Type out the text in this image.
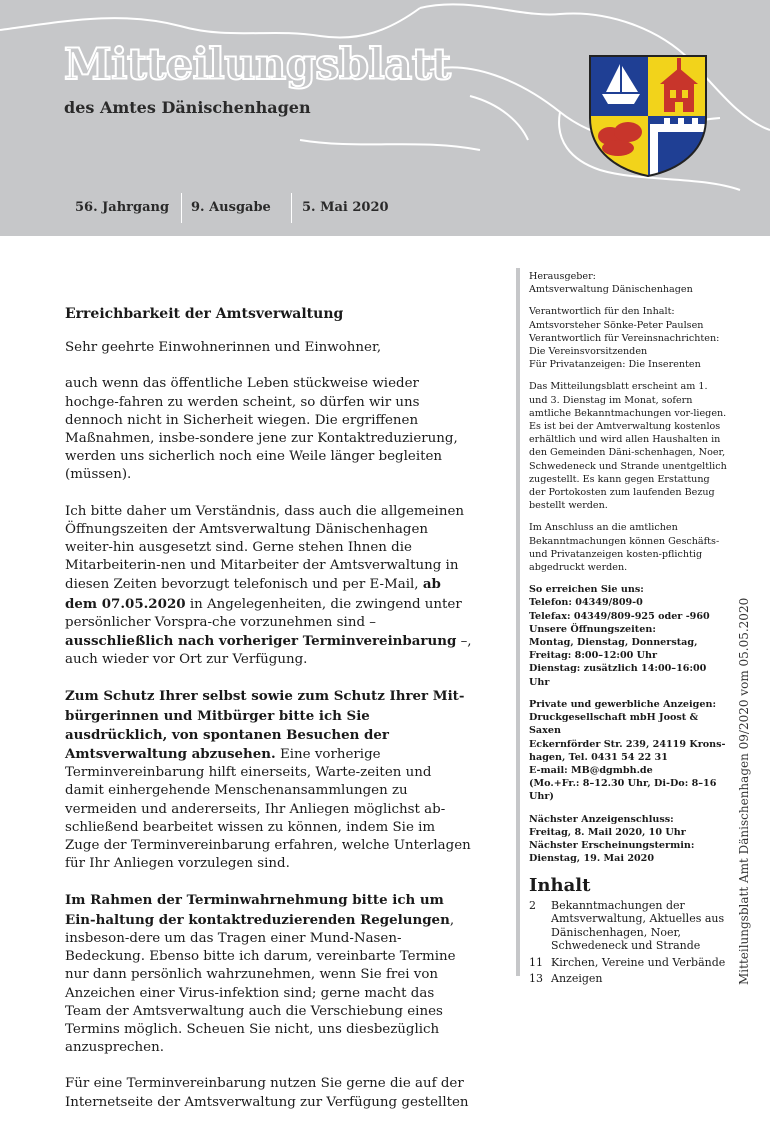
Mitteilungsblatt
des Amtes Dänischenhagen
56. Jahrgang 9. Ausgabe 5. Mai 2020
Erreichbarkeit der Amtsverwaltung

Sehr geehrte Einwohnerinnen und Einwohner,

auch wenn das öffentliche Leben stückweise wieder hochge-fahren zu werden scheint, so dürfen wir uns dennoch nicht in Sicherheit wiegen. Die ergriffenen Maßnahmen, insbe-sondere jene zur Kontaktreduzierung, werden uns sicherlich noch eine Weile länger begleiten (müssen).

Ich bitte daher um Verständnis, dass auch die allgemeinen Öffnungszeiten der Amtsverwaltung Dänischenhagen weiter-hin ausgesetzt sind. Gerne stehen Ihnen die Mitarbeiterin-nen und Mitarbeiter der Amtsverwaltung in diesen Zeiten bevorzugt telefonisch und per E-Mail, ab dem 07.05.2020 in Angelegenheiten, die zwingend unter persönlicher Vorspra-che vorzunehmen sind – ausschließlich nach vorheriger Terminvereinbarung –, auch wieder vor Ort zur Verfügung.

Zum Schutz Ihrer selbst sowie zum Schutz Ihrer Mit-bürgerinnen und Mitbürger bitte ich Sie ausdrücklich, von spontanen Besuchen der Amtsverwaltung abzusehen. Eine vorherige Terminvereinbarung hilft einerseits, Warte-zeiten und damit einhergehende Menschenansammlungen zu vermeiden und andererseits, Ihr Anliegen möglichst ab-schließend bearbeitet wissen zu können, indem Sie im Zuge der Terminvereinbarung erfahren, welche Unterlagen für Ihr Anliegen vorzulegen sind.

Im Rahmen der Terminwahrnehmung bitte ich um Ein-haltung der kontaktreduzierenden Regelungen, insbeson-dere um das Tragen einer Mund-Nasen-Bedeckung. Ebenso bitte ich darum, vereinbarte Termine nur dann persönlich wahrzunehmen, wenn Sie frei von Anzeichen einer Virus-infektion sind; gerne macht das Team der Amtsverwaltung auch die Verschiebung eines Termins möglich. Scheuen Sie nicht, uns diesbezüglich anzusprechen.

Für eine Terminvereinbarung nutzen Sie gerne die auf der Internetseite der Amtsverwaltung zur Verfügung gestellten

Herausgeber:
Amtsverwaltung Dänischenhagen
Verantwortlich für den Inhalt:
Amtsvorsteher Sönke-Peter Paulsen
Verantwortlich für Vereinsnachrichten:
Die Vereinsvorsitzenden
Für Privatanzeigen: Die Inserenten
Das Mitteilungsblatt erscheint am 1. und 3. Dienstag im Monat, sofern amtliche Bekanntmachungen vor-liegen. Es ist bei der Amtverwaltung kostenlos erhältlich und wird allen Haushalten in den Gemeinden Däni-schenhagen, Noer, Schwedeneck und Strande unentgeltlich zugestellt. Es kann gegen Erstattung der Portokosten zum laufenden Bezug bestellt werden.
Im Anschluss an die amtlichen Bekanntmachungen können Geschäfts- und Privatanzeigen kosten-pflichtig abgedruckt werden.
So erreichen Sie uns:
Telefon: 04349/809-0
Telefax: 04349/809-925 oder -960
Unsere Öffnungszeiten:
Montag, Dienstag, Donnerstag,
Freitag: 8:00–12:00 Uhr
Dienstag: zusätzlich 14:00–16:00 Uhr
Private und gewerbliche Anzeigen:
Druckgesellschaft mbH Joost & Saxen
Eckernförder Str. 239, 24119 Krons-
hagen, Tel. 0431 54 22 31
E-mail: MB@dgmbh.de
(Mo.+Fr.: 8–12.30 Uhr, Di-Do: 8–16 Uhr)
Nächster Anzeigenschluss:
Freitag, 8. Mail 2020, 10 Uhr
Nächster Erscheinungstermin:
Dienstag, 19. Mai 2020
Inhalt
2	Bekanntmachungen der Amtsverwaltung, Aktuelles aus Dänischenhagen, Noer, Schwedeneck und Strande
11 Kirchen, Vereine und Verbände
13 Anzeigen	Mitteilungsblatt Amt Dänischenhagen 09/2020 vom 05.05.2020
